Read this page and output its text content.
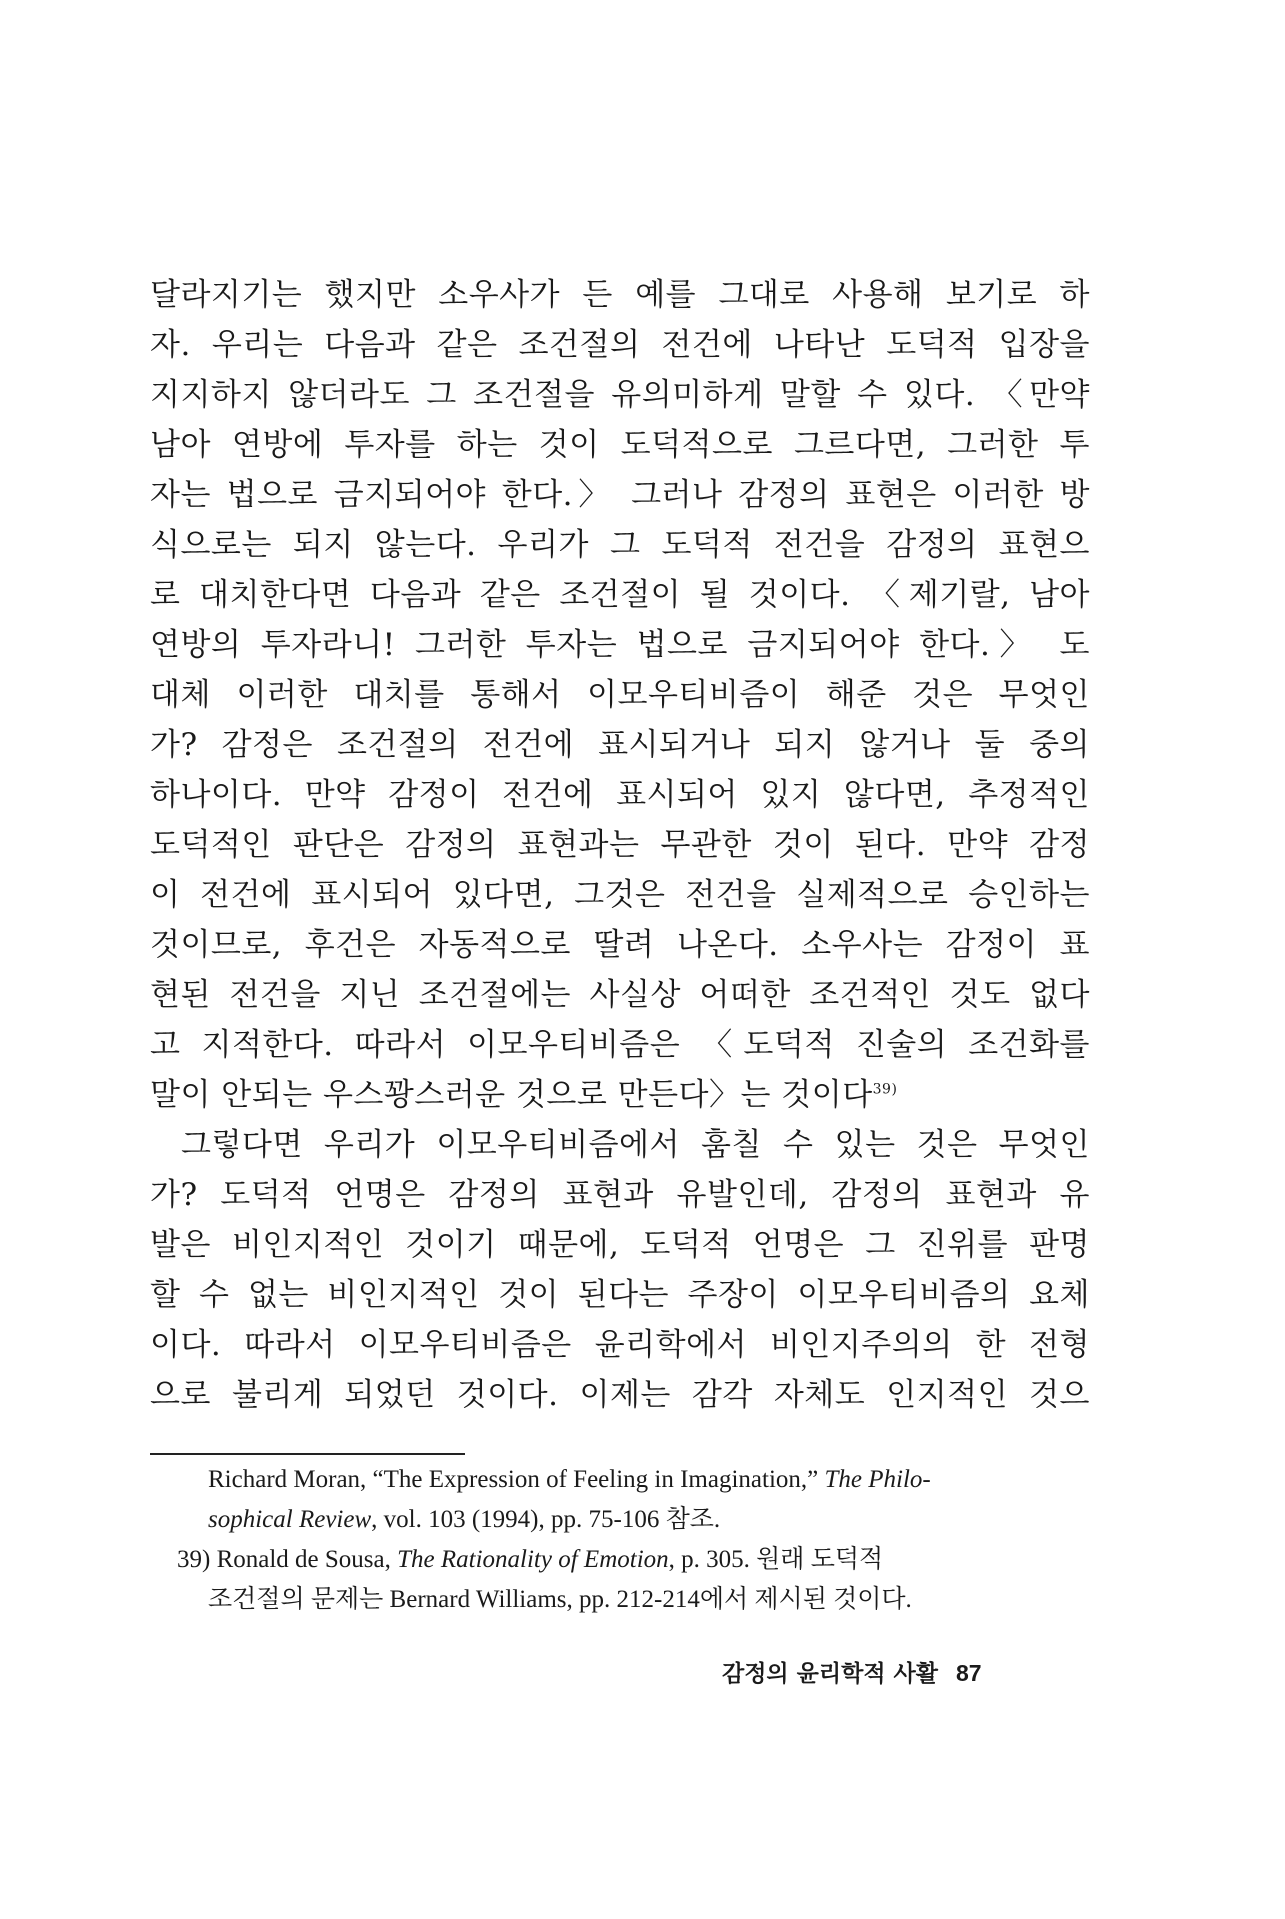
달라지기는 했지만 소우사가 든 예를 그대로 사용해 보기로 하
자. 우리는 다음과 같은 조건절의 전건에 나타난 도덕적 입장을
지지하지 않더라도 그 조건절을 유의미하게 말할 수 있다. 〈만약
남아 연방에 투자를 하는 것이 도덕적으로 그르다면, 그러한 투
자는 법으로 금지되어야 한다.〉 그러나 감정의 표현은 이러한 방
식으로는 되지 않는다. 우리가 그 도덕적 전건을 감정의 표현으
로 대치한다면 다음과 같은 조건절이 될 것이다. 〈제기랄, 남아
연방의 투자라니! 그러한 투자는 법으로 금지되어야 한다.〉 도
대체 이러한 대치를 통해서 이모우티비즘이 해준 것은 무엇인
가? 감정은 조건절의 전건에 표시되거나 되지 않거나 둘 중의
하나이다. 만약 감정이 전건에 표시되어 있지 않다면, 추정적인
도덕적인 판단은 감정의 표현과는 무관한 것이 된다. 만약 감정
이 전건에 표시되어 있다면, 그것은 전건을 실제적으로 승인하는
것이므로, 후건은 자동적으로 딸려 나온다. 소우사는 감정이 표
현된 전건을 지닌 조건절에는 사실상 어떠한 조건적인 것도 없다
고 지적한다. 따라서 이모우티비즘은 〈도덕적 진술의 조건화를
말이 안되는 우스꽝스러운 것으로 만든다〉는 것이다$^{39)}$
그렇다면 우리가 이모우티비즘에서 훔칠 수 있는 것은 무엇인
가? 도덕적 언명은 감정의 표현과 유발인데, 감정의 표현과 유
발은 비인지적인 것이기 때문에, 도덕적 언명은 그 진위를 판명
할 수 없는 비인지적인 것이 된다는 주장이 이모우티비즘의 요체
이다. 따라서 이모우티비즘은 윤리학에서 비인지주의의 한 전형
으로 불리게 되었던 것이다. 이제는 감각 자체도 인지적인 것으
Richard Moran, “The Expression of Feeling in Imagination,” The Philo-
sophical Review, vol. 103 (1994), pp. 75-106 참조.
39) Ronald de Sousa, The Rationality of Emotion, p. 305. 원래 도덕적
조건절의 문제는 Bernard Williams, pp. 212-214에서 제시된 것이다.
감정의 윤리학적 사활 87
